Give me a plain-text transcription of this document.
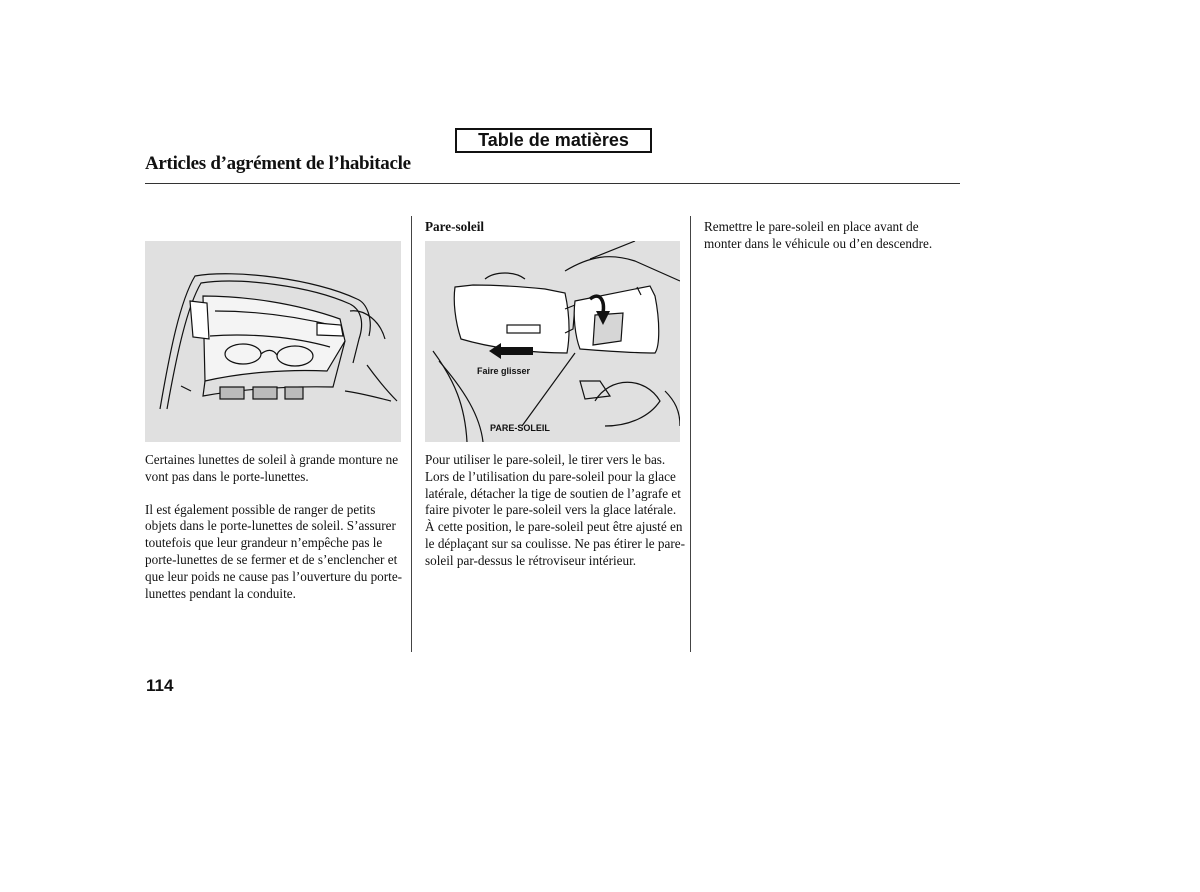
Table de matières
Articles d’agrément de l’habitacle
Faire glisser
PARE-SOLEIL
Pare-soleil

Certaines lunettes de soleil à grande monture ne vont pas dans le porte-lunettes.

Il est également possible de ranger de petits objets dans le porte-lunettes de soleil. S’assurer toutefois que leur grandeur n’empêche pas le porte-lunettes de se fermer et de s’enclencher et que leur poids ne cause pas l’ouverture du porte-lunettes pendant la conduite.

Pour utiliser le pare-soleil, le tirer vers le bas. Lors de l’utilisation du pare-soleil pour la glace latérale, détacher la tige de soutien de l’agrafe et faire pivoter le pare-soleil vers la glace latérale.

À cette position, le pare-soleil peut être ajusté en le déplaçant sur sa coulisse. Ne pas étirer le pare-soleil par-dessus le rétroviseur intérieur.

Remettre le pare-soleil en place avant de monter dans le véhicule ou d’en descendre.

114
